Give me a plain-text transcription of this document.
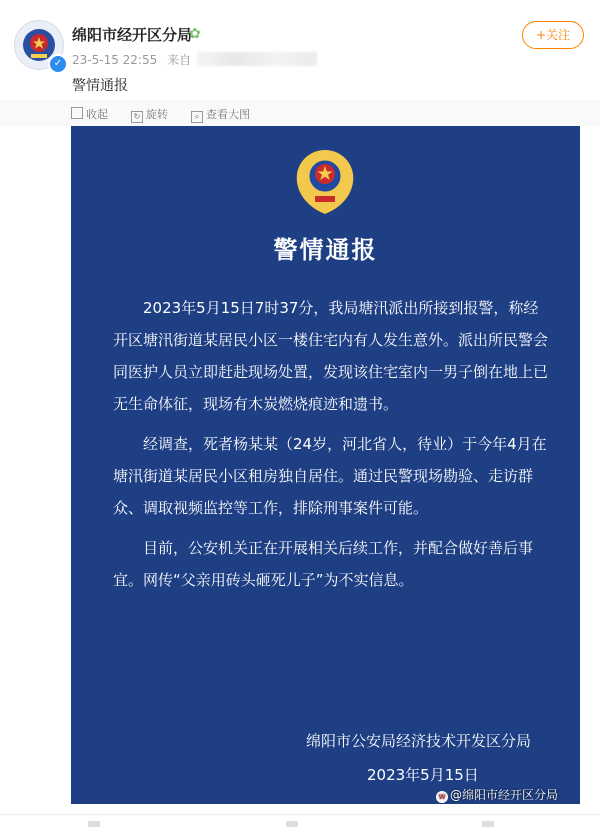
✓
绵阳市经开区分局
✿
23-5-15 22:55 来自
+关注
警情通报
收起	↻ 旋转	⌕ 查看大图
警情通报
2023年5月15日7时37分，我局塘汛派出所接到报警，称经开区塘汛街道某居民小区一楼住宅内有人发生意外。派出所民警会同医护人员立即赶赴现场处置，发现该住宅室内一男子倒在地上已无生命体征，现场有木炭燃烧痕迹和遗书。
经调查，死者杨某某（24岁，河北省人，待业）于今年4月在塘汛街道某居民小区租房独自居住。通过民警现场勘验、走访群众、调取视频监控等工作，排除刑事案件可能。
目前，公安机关正在开展相关后续工作，并配合做好善后事宜。网传“父亲用砖头砸死儿子”为不实信息。
绵阳市公安局经济技术开发区分局
2023年5月15日
w @绵阳市经开区分局
